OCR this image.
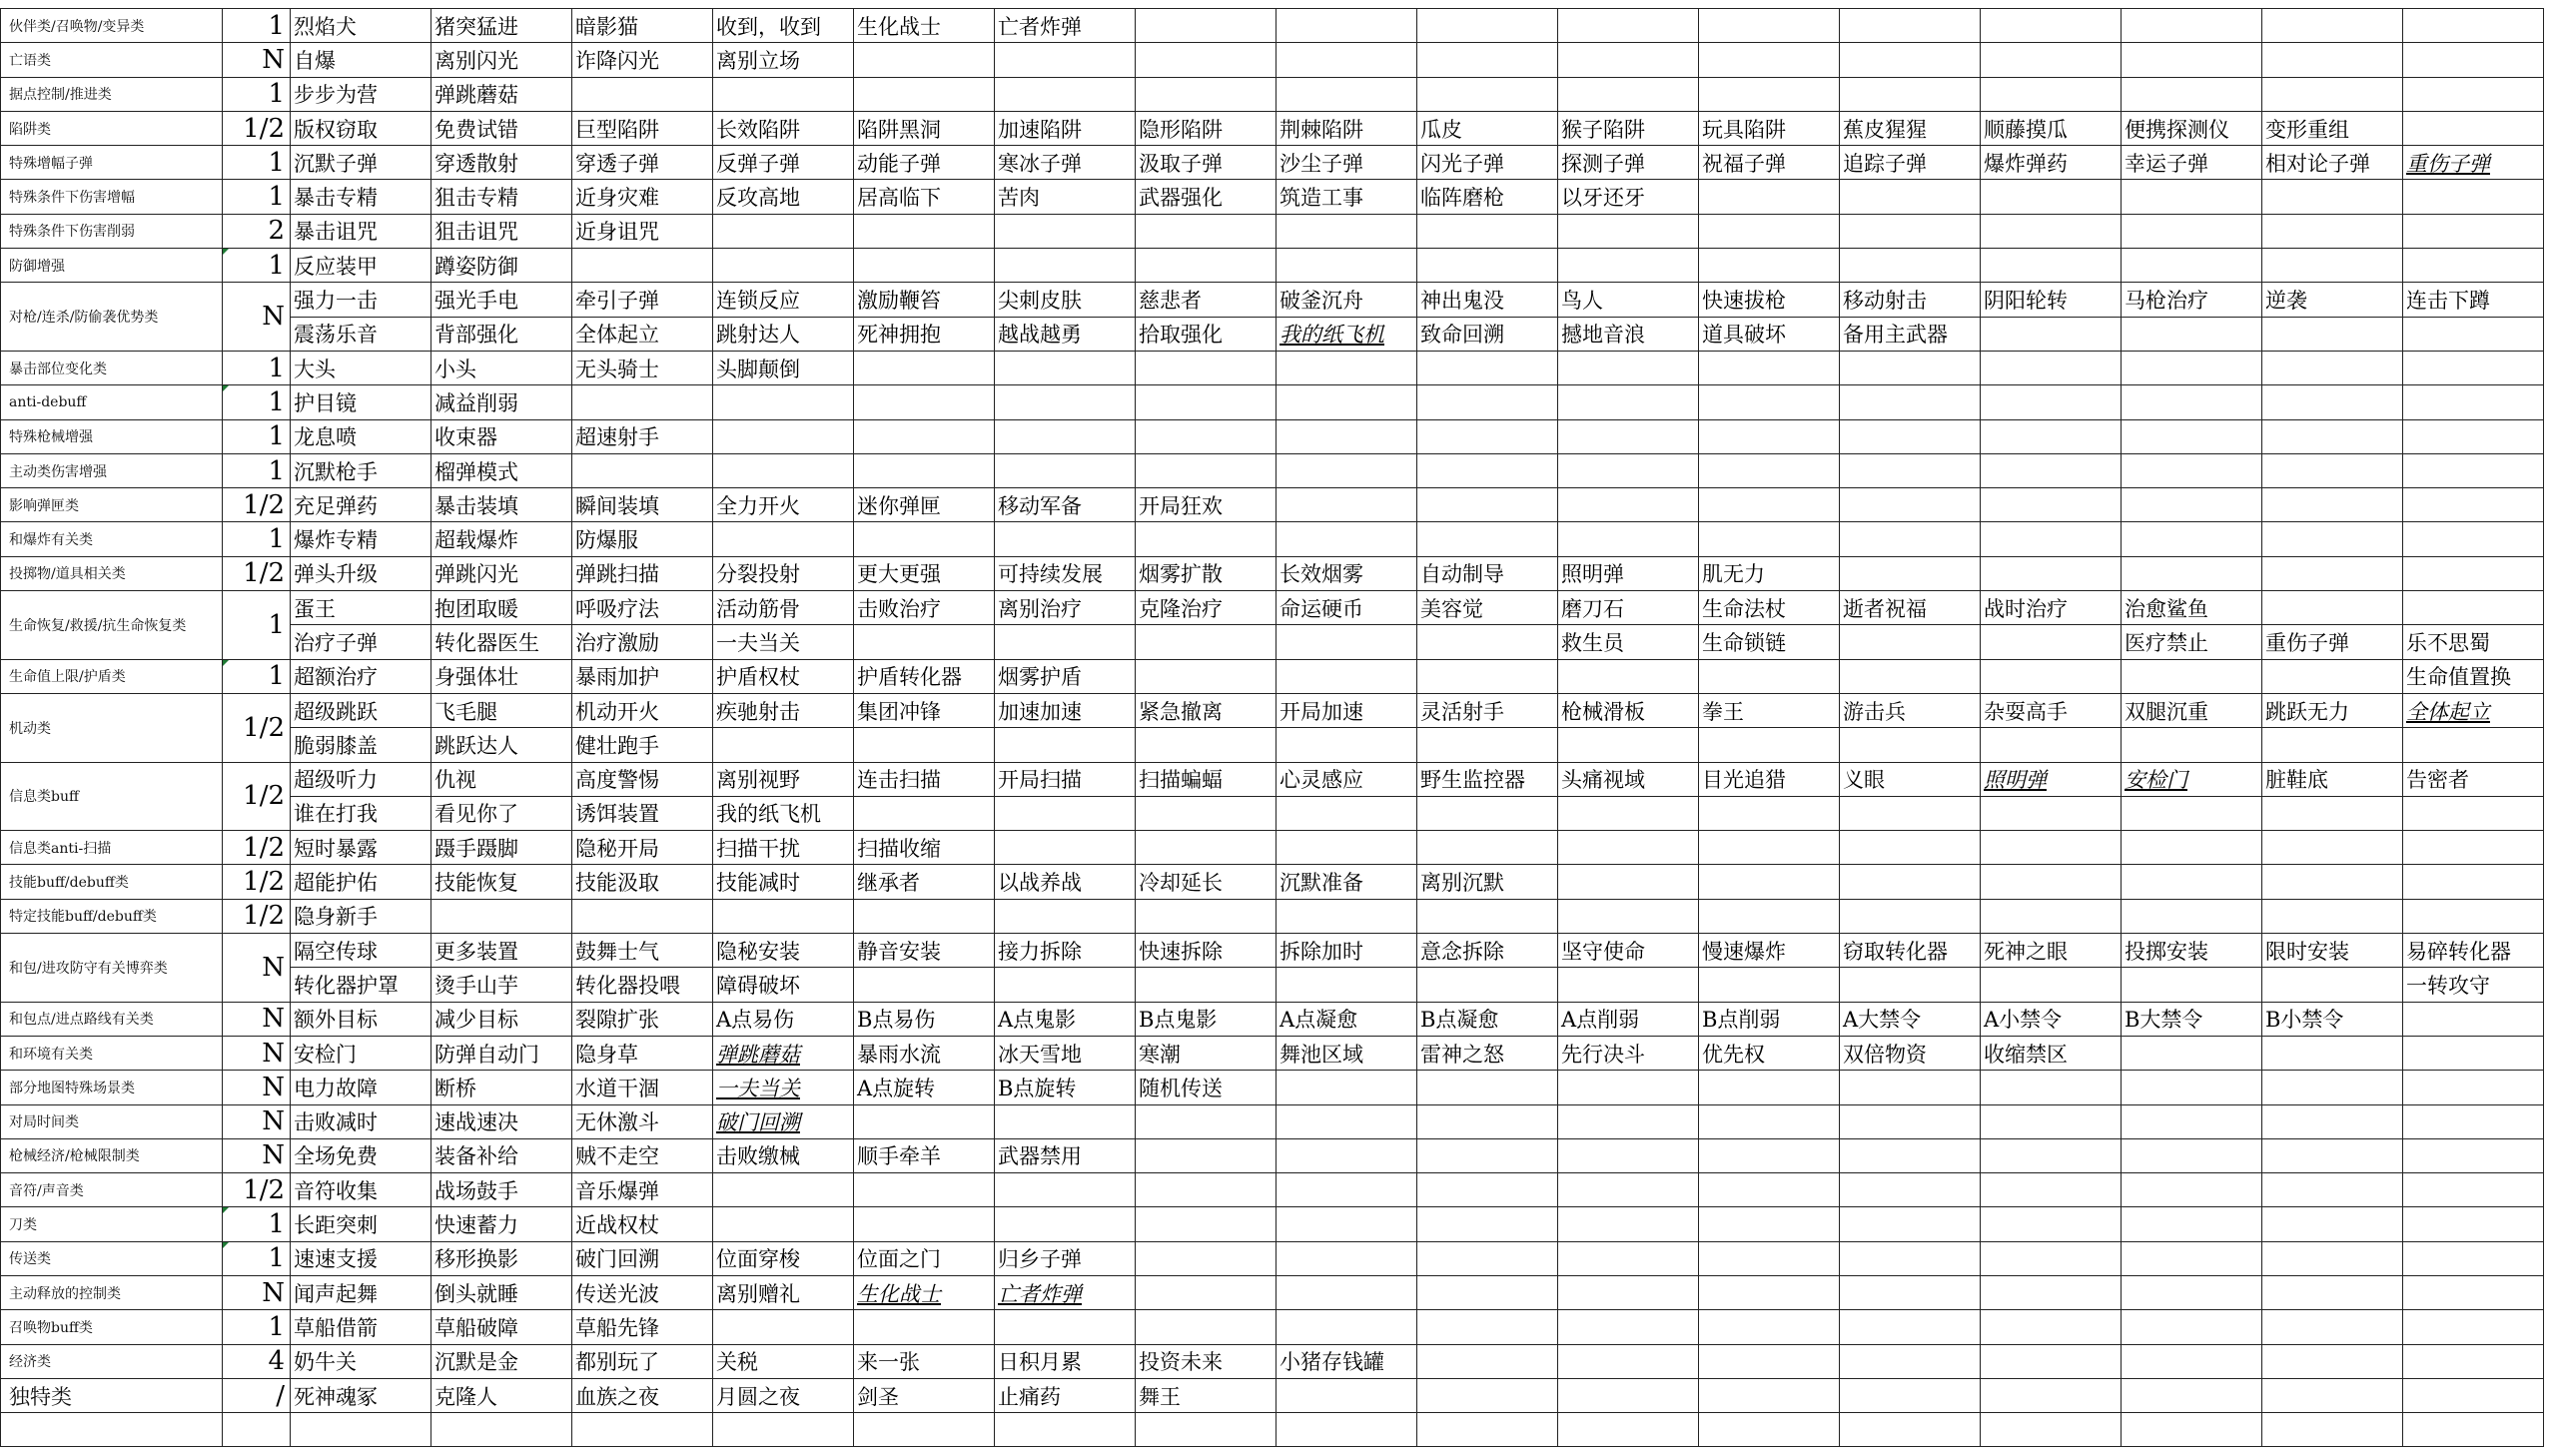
伙伴类/召唤物/变异类	1	烈焰犬	猪突猛进	暗影猫	收到，收到	生化战士	亡者炸弹										
亡语类	N	自爆	离别闪光	诈降闪光	离别立场												
据点控制/推进类	1	步步为营	弹跳蘑菇														
陷阱类	1/2	版权窃取	免费试错	巨型陷阱	长效陷阱	陷阱黑洞	加速陷阱	隐形陷阱	荆棘陷阱	瓜皮	猴子陷阱	玩具陷阱	蕉皮猩猩	顺藤摸瓜	便携探测仪	变形重组	
特殊增幅子弹	1	沉默子弹	穿透散射	穿透子弹	反弹子弹	动能子弹	寒冰子弹	汲取子弹	沙尘子弹	闪光子弹	探测子弹	祝福子弹	追踪子弹	爆炸弹药	幸运子弹	相对论子弹	重伤子弹
特殊条件下伤害增幅	1	暴击专精	狙击专精	近身灾难	反攻高地	居高临下	苦肉	武器强化	筑造工事	临阵磨枪	以牙还牙						
特殊条件下伤害削弱	2	暴击诅咒	狙击诅咒	近身诅咒													
防御增强	1	反应装甲	蹲姿防御														
对枪/连杀/防偷袭优势类	N	强力一击	强光手电	牵引子弹	连锁反应	激励鞭笞	尖刺皮肤	慈悲者	破釜沉舟	神出鬼没	鸟人	快速拔枪	移动射击	阴阳轮转	马枪治疗	逆袭	连击下蹲
		震荡乐音	背部强化	全体起立	跳射达人	死神拥抱	越战越勇	拾取强化	我的纸飞机	致命回溯	撼地音浪	道具破坏	备用主武器				
暴击部位变化类	1	大头	小头	无头骑士	头脚颠倒												
anti-debuff	1	护目镜	减益削弱														
特殊枪械增强	1	龙息喷	收束器	超速射手													
主动类伤害增强	1	沉默枪手	榴弹模式														
影响弹匣类	1/2	充足弹药	暴击装填	瞬间装填	全力开火	迷你弹匣	移动军备	开局狂欢									
和爆炸有关类	1	爆炸专精	超载爆炸	防爆服													
投掷物/道具相关类	1/2	弹头升级	弹跳闪光	弹跳扫描	分裂投射	更大更强	可持续发展	烟雾扩散	长效烟雾	自动制导	照明弹	肌无力					
生命恢复/救援/抗生命恢复类	1	蛋王	抱团取暖	呼吸疗法	活动筋骨	击败治疗	离别治疗	克隆治疗	命运硬币	美容觉	磨刀石	生命法杖	逝者祝福	战时治疗	治愈鲨鱼		
		治疗子弹	转化器医生	治疗激励	一夫当关						救生员	生命锁链			医疗禁止	重伤子弹	乐不思蜀
生命值上限/护盾类	1	超额治疗	身强体壮	暴雨加护	护盾权杖	护盾转化器	烟雾护盾										生命值置换
机动类	1/2	超级跳跃	飞毛腿	机动开火	疾驰射击	集团冲锋	加速加速	紧急撤离	开局加速	灵活射手	枪械滑板	拳王	游击兵	杂耍高手	双腿沉重	跳跃无力	全体起立
		脆弱膝盖	跳跃达人	健壮跑手													
信息类buff	1/2	超级听力	仇视	高度警惕	离别视野	连击扫描	开局扫描	扫描蝙蝠	心灵感应	野生监控器	头痛视域	目光追猎	义眼	照明弹	安检门	脏鞋底	告密者
		谁在打我	看见你了	诱饵装置	我的纸飞机												
信息类anti-扫描	1/2	短时暴露	蹑手蹑脚	隐秘开局	扫描干扰	扫描收缩											
技能buff/debuff类	1/2	超能护佑	技能恢复	技能汲取	技能减时	继承者	以战养战	冷却延长	沉默准备	离别沉默							
特定技能buff/debuff类	1/2	隐身新手															
和包/进攻防守有关博弈类	N	隔空传球	更多装置	鼓舞士气	隐秘安装	静音安装	接力拆除	快速拆除	拆除加时	意念拆除	坚守使命	慢速爆炸	窃取转化器	死神之眼	投掷安装	限时安装	易碎转化器
		转化器护罩	烫手山芋	转化器投喂	障碍破坏												一转攻守
和包点/进点路线有关类	N	额外目标	减少目标	裂隙扩张	A点易伤	B点易伤	A点鬼影	B点鬼影	A点凝愈	B点凝愈	A点削弱	B点削弱	A大禁令	A小禁令	B大禁令	B小禁令	
和环境有关类	N	安检门	防弹自动门	隐身草	弹跳蘑菇	暴雨水流	冰天雪地	寒潮	舞池区域	雷神之怒	先行决斗	优先权	双倍物资	收缩禁区			
部分地图特殊场景类	N	电力故障	断桥	水道干涸	一夫当关	A点旋转	B点旋转	随机传送									
对局时间类	N	击败减时	速战速决	无休激斗	破门回溯												
枪械经济/枪械限制类	N	全场免费	装备补给	贼不走空	击败缴械	顺手牵羊	武器禁用										
音符/声音类	1/2	音符收集	战场鼓手	音乐爆弹													
刀类	1	长距突刺	快速蓄力	近战权杖													
传送类	1	速速支援	移形换影	破门回溯	位面穿梭	位面之门	归乡子弹										
主动释放的控制类	N	闻声起舞	倒头就睡	传送光波	离别赠礼	生化战士	亡者炸弹										
召唤物buff类	1	草船借箭	草船破障	草船先锋													
经济类	4	奶牛关	沉默是金	都别玩了	关税	来一张	日积月累	投资未来	小猪存钱罐								
独特类	/	死神魂冢	克隆人	血族之夜	月圆之夜	剑圣	止痛药	舞王									
